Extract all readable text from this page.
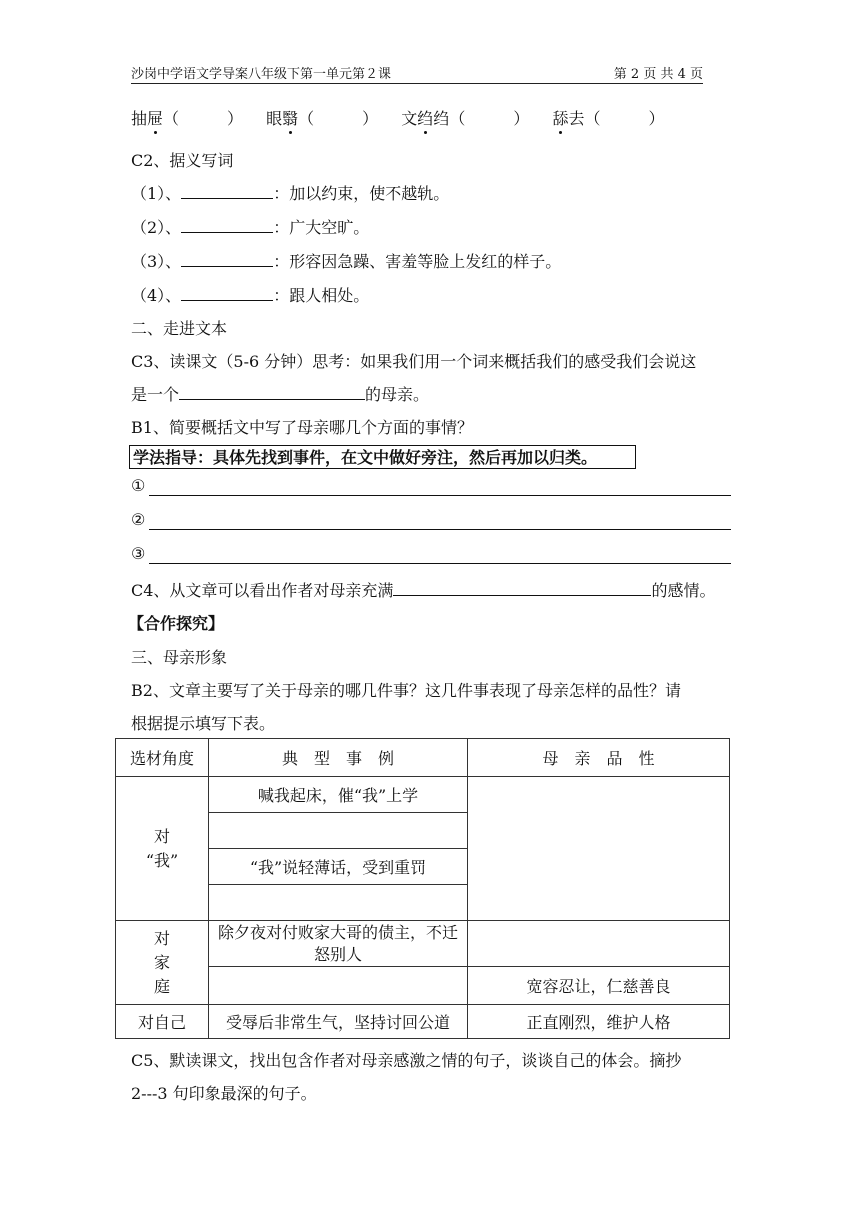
沙岗中学语文学导案八年级下第一单元第２课	第 2 页 共 4 页
抽屉（　　　） 眼翳（　　　） 文绉绉（　　　） 舔去（　　　）
C2、据义写词
（1）、	：加以约束，使不越轨。
（2）、	：广大空旷。
（3）、	：形容因急躁、害羞等脸上发红的样子。
（4）、	：跟人相处。
二、走进文本
C3、读课文（5-6 分钟）思考：如果我们用一个词来概括我们的感受我们会说这
是一个	的母亲。
B1、简要概括文中写了母亲哪几个方面的事情？
学法指导：具体先找到事件，在文中做好旁注，然后再加以归类。
①
②
③
C4、从文章可以看出作者对母亲充满	的感情。
【合作探究】
三、母亲形象
B2、文章主要写了关于母亲的哪几件事？这几件事表现了母亲怎样的品性？请
根据提示填写下表。
选材角度	典　型　事　例	母　亲　品　性
对
“我”	喊我起床，催“我”上学	

	“我”说轻薄话，受到重罚	

对
家
庭	除夕夜对付败家大哥的债主，不迁怒别人	
		宽容忍让，仁慈善良
对自己	受辱后非常生气，坚持讨回公道	正直刚烈，维护人格
C5、默读课文，找出包含作者对母亲感激之情的句子，谈谈自己的体会。摘抄
2---3 句印象最深的句子。
